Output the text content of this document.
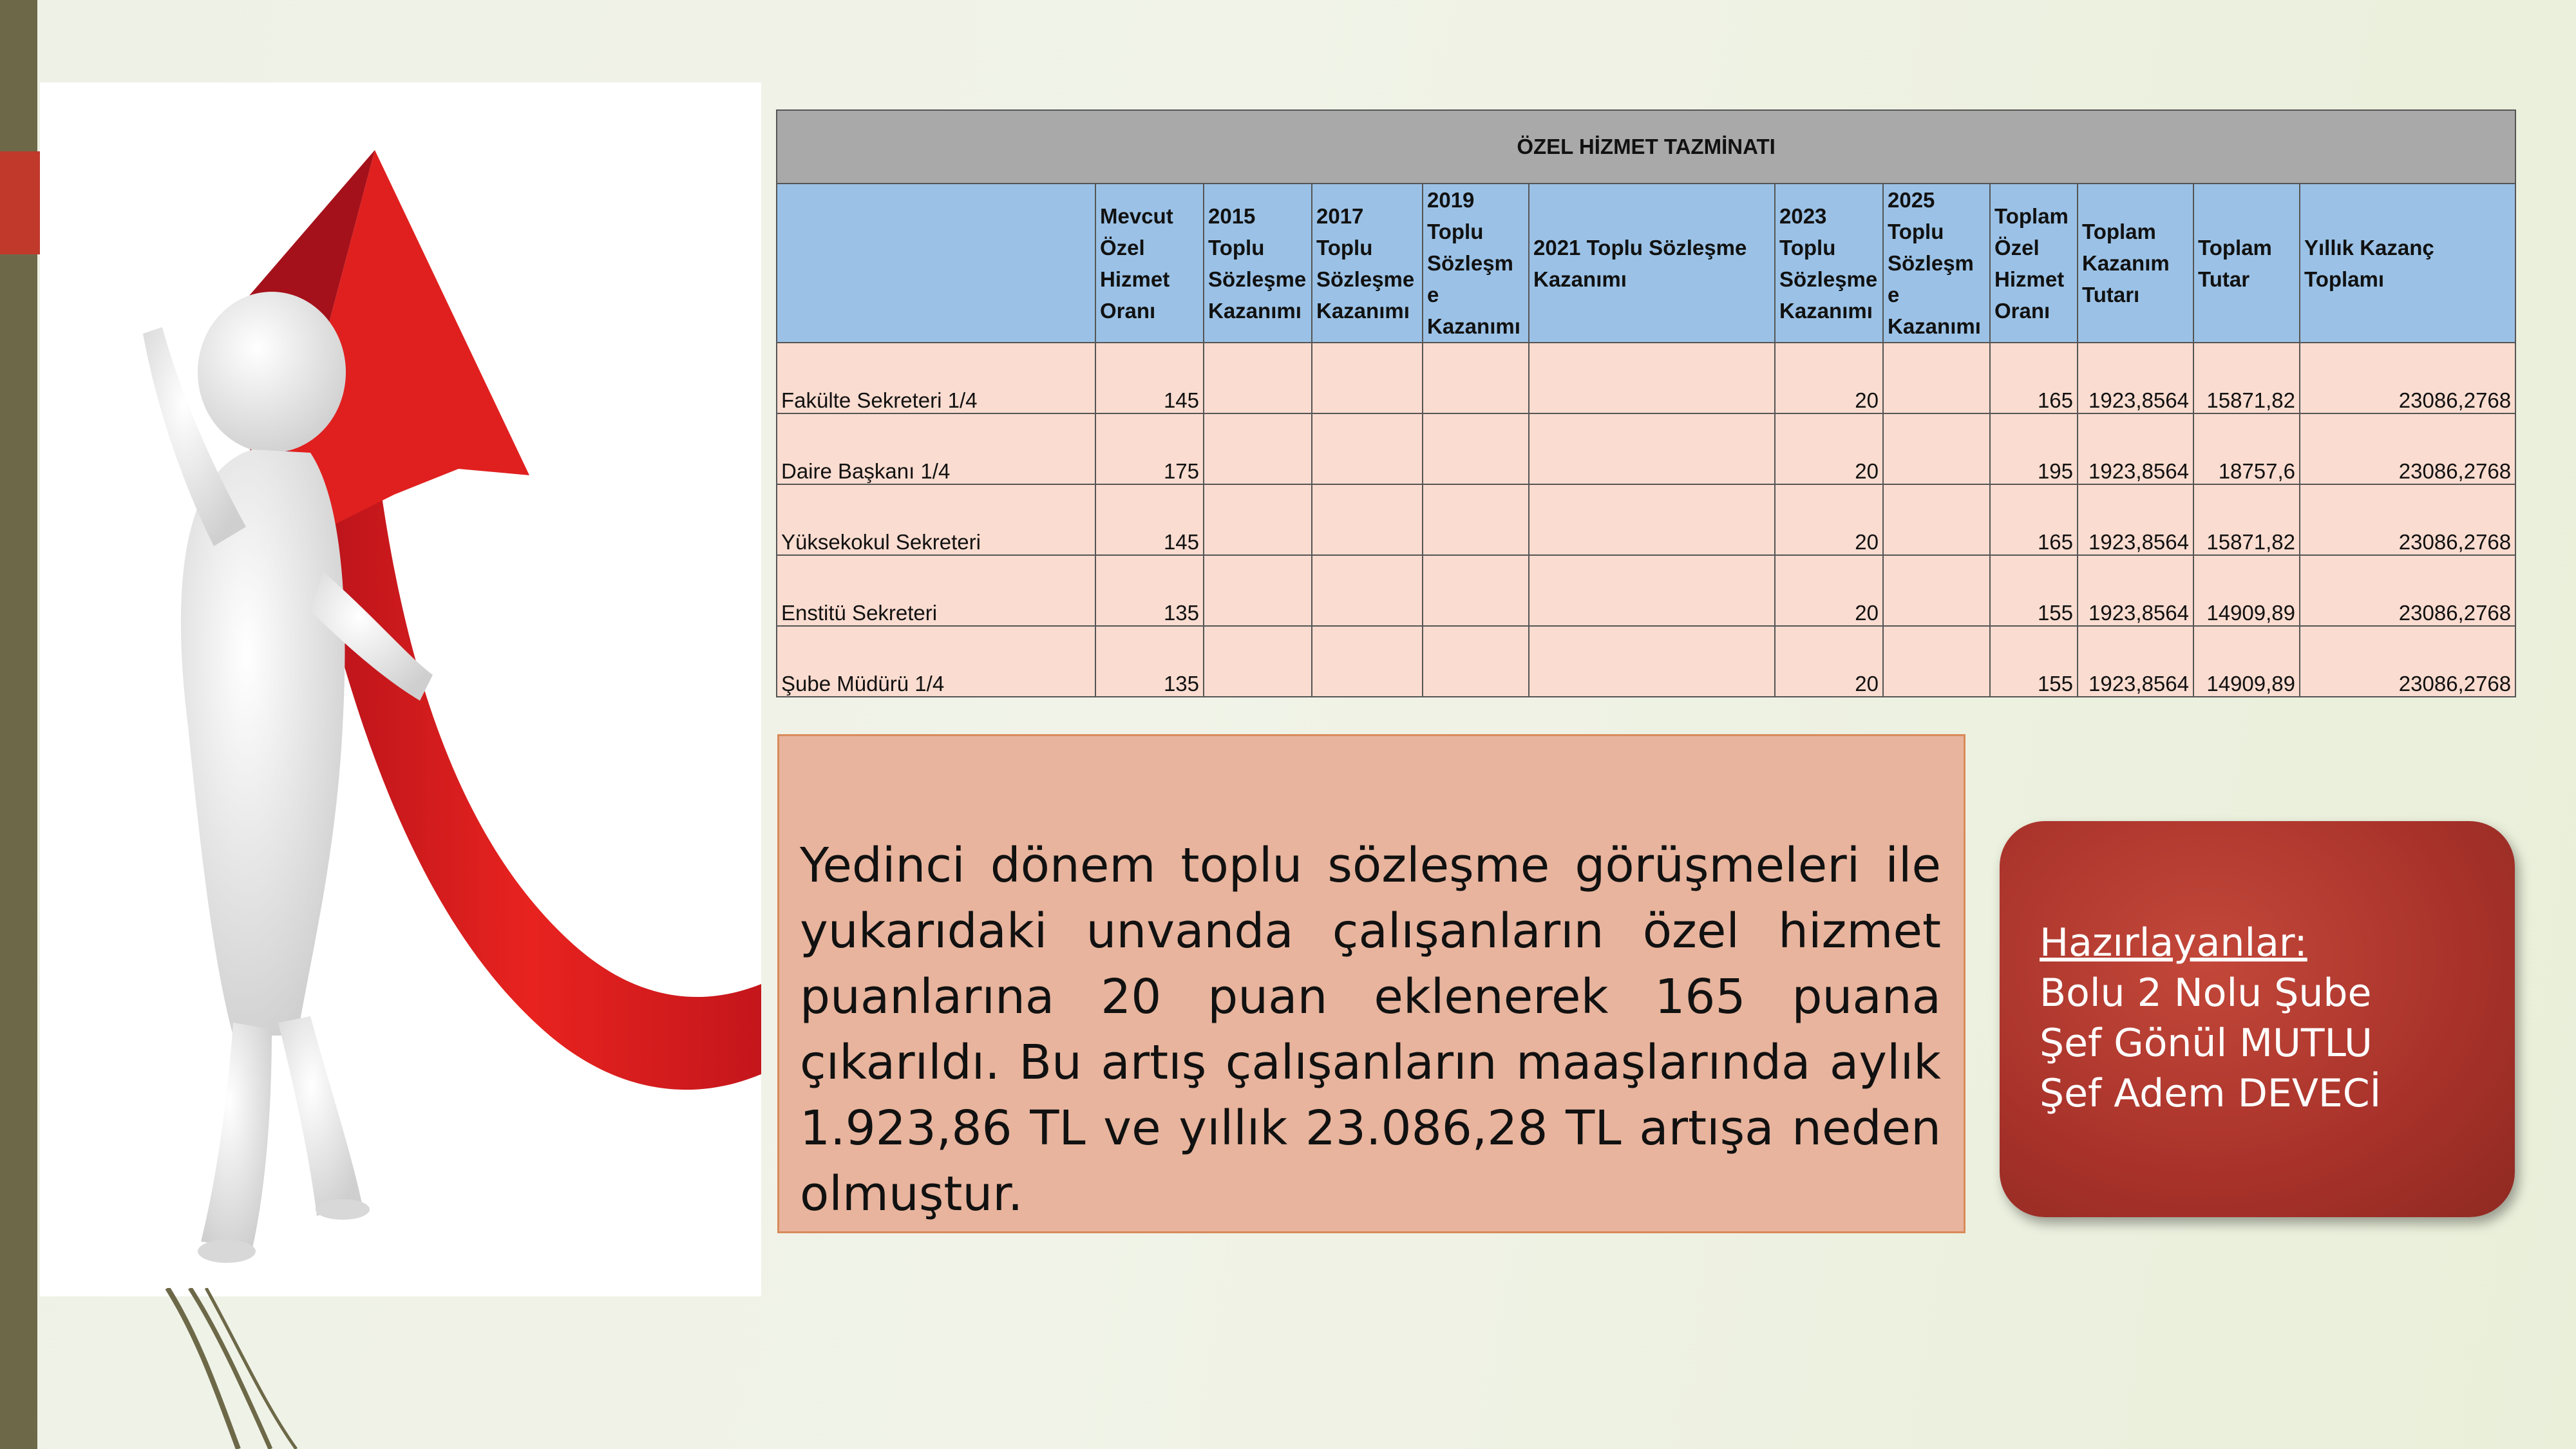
ÖZEL HİZMET TAZMİNATI											
	Mevcut Özel Hizmet Oranı	2015 Toplu Sözleşme Kazanımı	2017 Toplu Sözleşme Kazanımı	2019 Toplu Sözleşme Kazanımı	2021 Toplu Sözleşme Kazanımı	2023 Toplu Sözleşme Kazanımı	2025 Toplu Sözleşme Kazanımı	Toplam Özel Hizmet Oranı	Toplam Kazanım Tutarı	Toplam Tutar	Yıllık Kazanç Toplamı
Fakülte Sekreteri 1/4	145					20		165	1923,8564	15871,82	23086,2768
Daire Başkanı 1/4	175					20		195	1923,8564	18757,6	23086,2768
Yüksekokul Sekreteri	145					20		165	1923,8564	15871,82	23086,2768
Enstitü Sekreteri	135					20		155	1923,8564	14909,89	23086,2768
Şube Müdürü 1/4	135					20		155	1923,8564	14909,89	23086,2768

Yedinci dönem toplu sözleşme görüşmeleri ile yukarıdaki unvanda çalışanların özel hizmet puanlarına 20 puan eklenerek 165 puana çıkarıldı. Bu artış çalışanların maaşlarında aylık 1.923,86 TL ve yıllık 23.086,28 TL artışa neden olmuştur.

Hazırlayanlar:
Bolu 2 Nolu Şube
Şef Gönül MUTLU
Şef Adem DEVECİ
